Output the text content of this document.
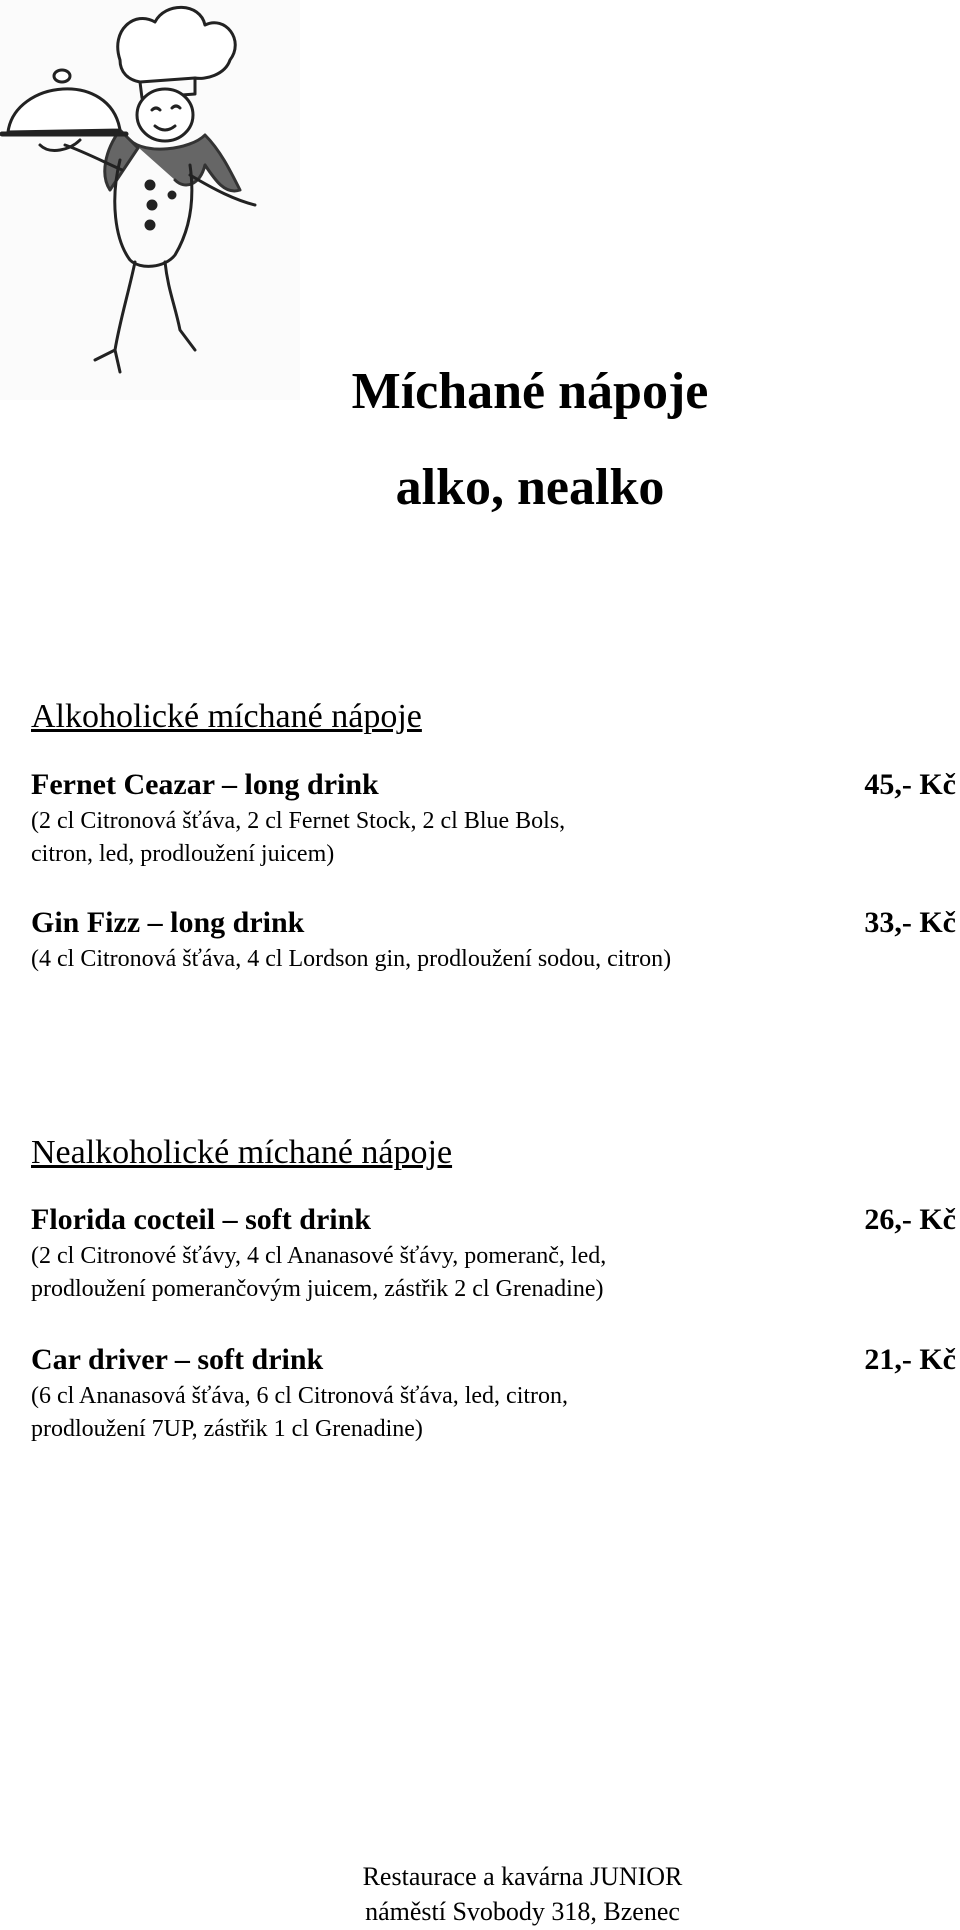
Míchané nápoje
alko, nealko
Alkoholické míchané nápoje
Fernet Ceazar – long drink	45,- Kč
(2 cl Citronová šťáva, 2 cl Fernet Stock, 2 cl Blue Bols,
citron, led, prodloužení juicem)
Gin Fizz – long drink	33,- Kč
(4 cl Citronová šťáva, 4 cl Lordson gin, prodloužení sodou, citron)
Nealkoholické míchané nápoje
Florida cocteil – soft drink	26,- Kč
(2 cl Citronové šťávy, 4 cl Ananasové šťávy, pomeranč, led,
prodloužení pomerančovým juicem, zástřik 2 cl Grenadine)
Car driver – soft drink	21,- Kč
(6 cl Ananasová šťáva, 6 cl Citronová šťáva, led, citron,
prodloužení 7UP, zástřik 1 cl Grenadine)
Restaurace a kavárna JUNIOR
náměstí Svobody 318, Bzenec
